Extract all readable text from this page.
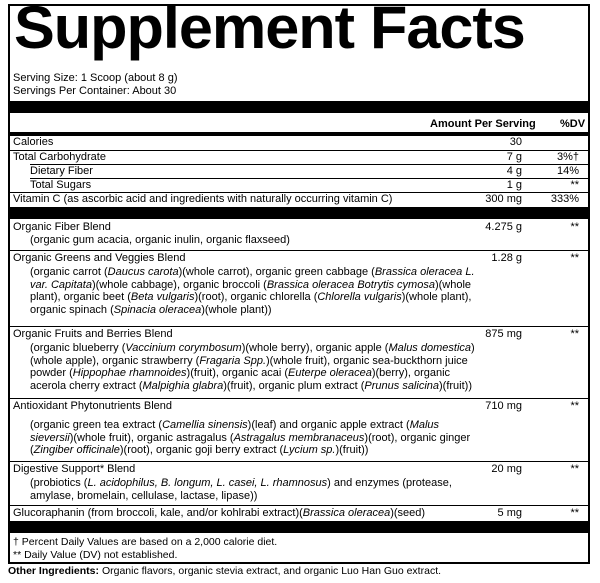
Supplement Facts
Serving Size: 1 Scoop (about 8 g)
Servings Per Container: About 30
Amount Per Serving %DV
Calories	30
Total Carbohydrate	7 g	3%†
Dietary Fiber	4 g	14%
Total Sugars	1 g	**
Vitamin C (as ascorbic acid and ingredients with naturally occurring vitamin C)	300 mg	333%
Organic Fiber Blend	4.275 g	**
(organic gum acacia, organic inulin, organic flaxseed)
Organic Greens and Veggies Blend	1.28 g	**
(organic carrot (Daucus carota)(whole carrot), organic green cabbage (Brassica oleracea L. var. Capitata)(whole cabbage), organic broccoli (Brassica oleracea Botrytis cymosa)(whole plant), organic beet (Beta vulgaris)(root), organic chlorella (Chlorella vulgaris)(whole plant), organic spinach (Spinacia oleracea)(whole plant))
Organic Fruits and Berries Blend	875 mg	**
(organic blueberry (Vaccinium corymbosum)(whole berry), organic apple (Malus domestica)(whole apple), organic strawberry (Fragaria Spp.)(whole fruit), organic sea-buckthorn juice powder (Hippophae rhamnoides)(fruit), organic acai (Euterpe oleracea)(berry), organic acerola cherry extract (Malpighia glabra)(fruit), organic plum extract (Prunus salicina)(fruit))
Antioxidant Phytonutrients Blend	710 mg	**
(organic green tea extract (Camellia sinensis)(leaf) and organic apple extract (Malus sieversii)(whole fruit), organic astragalus (Astragalus membranaceus)(root), organic ginger (Zingiber officinale)(root), organic goji berry extract (Lycium sp.)(fruit))
Digestive Support* Blend	20 mg	**
(probiotics (L. acidophilus, B. longum, L. casei, L. rhamnosus) and enzymes (protease, amylase, bromelain, cellulase, lactase, lipase))
Glucoraphanin (from broccoli, kale, and/or kohlrabi extract)(Brassica oleracea)(seed)	5 mg	**
† Percent Daily Values are based on a 2,000 calorie diet.
** Daily Value (DV) not established.
Other Ingredients: Organic flavors, organic stevia extract, and organic Luo Han Guo extract.
